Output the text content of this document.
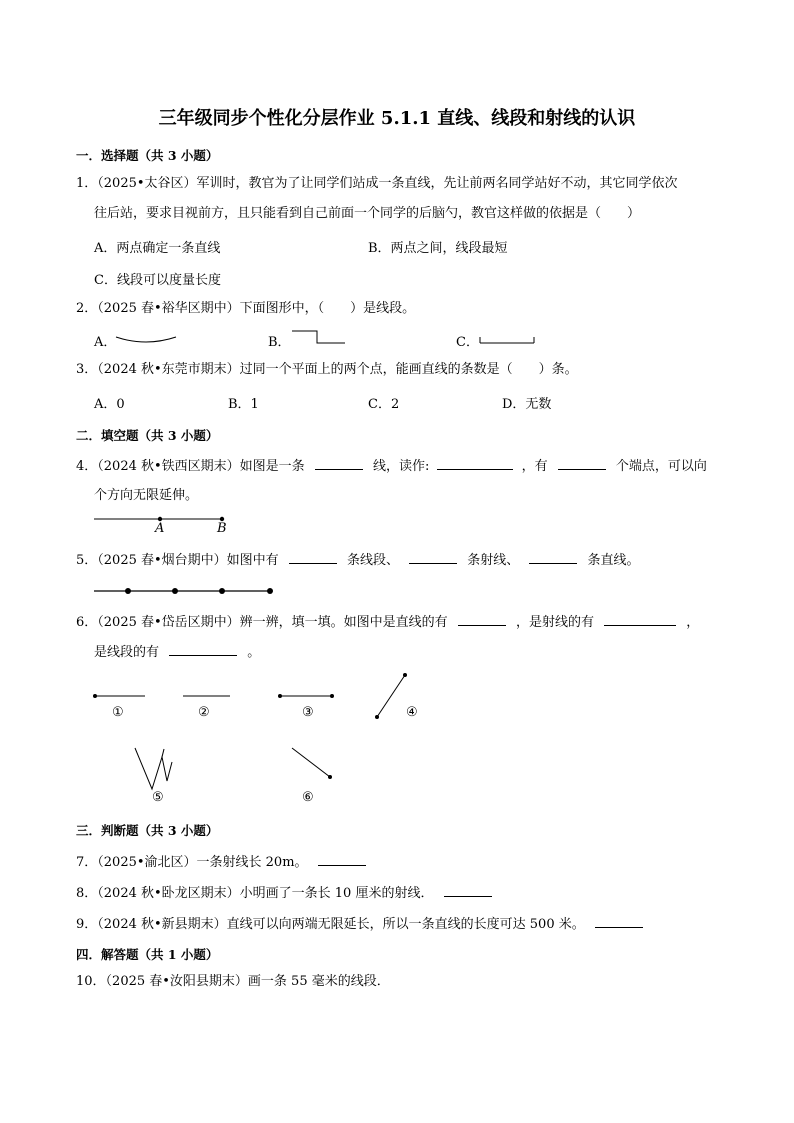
三年级同步个性化分层作业 5.1.1 直线、线段和射线的认识
一．选择题（共 3 小题）
1．（2025•太谷区）军训时，教官为了让同学们站成一条直线，先让前两名同学站好不动，其它同学依次
往后站，要求目视前方，且只能看到自己前面一个同学的后脑勺，教官这样做的依据是（　　）
A．两点确定一条直线	B．两点之间，线段最短
C．线段可以度量长度
2．（2025 春•裕华区期中）下面图形中，（　　）是线段。
A．	B．	C．
3．（2024 秋•东莞市期末）过同一个平面上的两个点，能画直线的条数是（　　）条。
A．0	B．1	C．2	D．无数
二．填空题（共 3 小题）
4．（2024 秋•铁西区期末）如图是一条	线，读作:	，有	个端点，可以向
个方向无限延伸。
A	B
5．（2025 春•烟台期中）如图中有	条线段、	条射线、	条直线。
6．（2025 春•岱岳区期中）辨一辨，填一填。如图中是直线的有	，是射线的有	，
是线段的有	。
①	②	③	④
⑤	⑥
三．判断题（共 3 小题）
7．（2025•渝北区）一条射线长 20m。
8．（2024 秋•卧龙区期末）小明画了一条长 10 厘米的射线．
9．（2024 秋•新县期末）直线可以向两端无限延长，所以一条直线的长度可达 500 米。
四．解答题（共 1 小题）
10．（2025 春•汝阳县期末）画一条 55 毫米的线段．
